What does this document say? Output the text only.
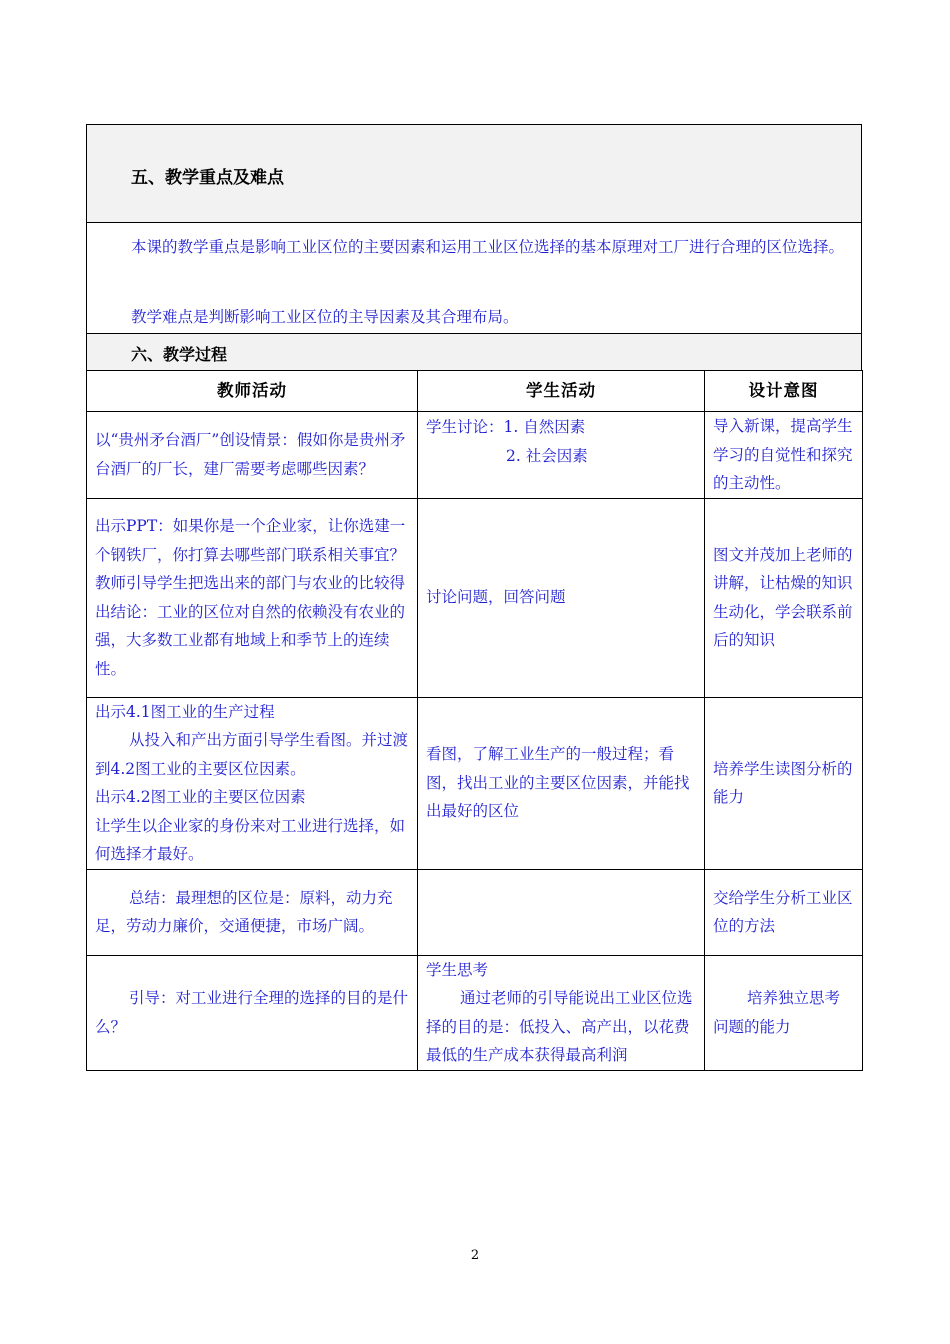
五、教学重点及难点
本课的教学重点是影响工业区位的主要因素和运用工业区位选择的基本原理对工厂进行合理的区位选择。
教学难点是判断影响工业区位的主导因素及其合理布局。
六、教学过程
教师活动	学生活动	设计意图

以“贵州矛台酒厂”创设情景：假如你是贵州矛台酒厂的厂长，建厂需要考虑哪些因素？	学生讨论：1. 自然因素
2. 社会因素	导入新课，提高学生学习的自觉性和探究的主动性。

出示PPT：如果你是一个企业家，让你选建一个钢铁厂，你打算去哪些部门联系相关事宜？
教师引导学生把选出来的部门与农业的比较得出结论：工业的区位对自然的依赖没有农业的强，大多数工业都有地域上和季节上的连续性。	讨论问题，回答问题	图文并茂加上老师的讲解，让枯燥的知识生动化，学会联系前后的知识

出示4.1图工业的生产过程
从投入和产出方面引导学生看图。并过渡到4.2图工业的主要区位因素。
出示4.2图工业的主要区位因素
让学生以企业家的身份来对工业进行选择，如何选择才最好。	看图，了解工业生产的一般过程；看图，找出工业的主要区位因素，并能找出最好的区位	培养学生读图分析的能力

总结：最理想的区位是：原料，动力充足，劳动力廉价，交通便捷，市场广阔。		交给学生分析工业区位的方法

引导：对工业进行全理的选择的目的是什么？	学生思考
通过老师的引导能说出工业区位选择的目的是：低投入、高产出，以花费最低的生产成本获得最高利润	培养独立思考问题的能力
2
